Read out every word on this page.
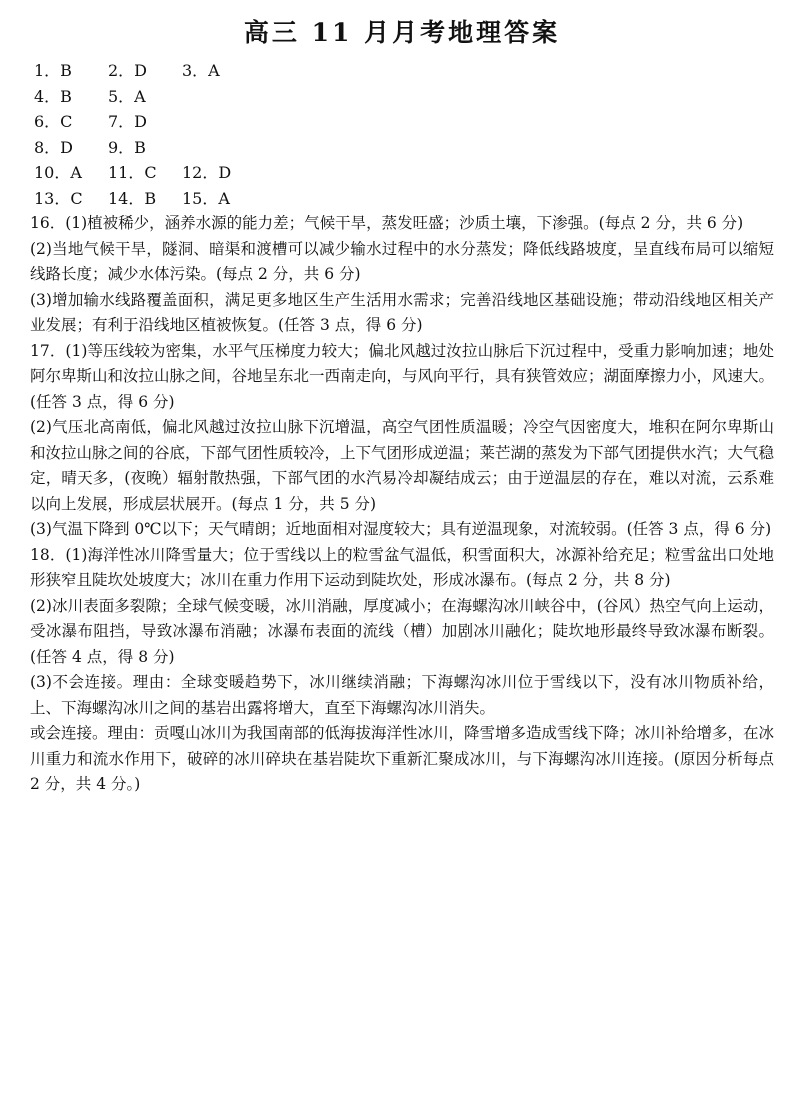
高三 11 月月考地理答案
1．B 2．D 3．A
4．B 5．A
6．C 7．D
8．D 9．B
10．A 11．C 12．D
13．C 14．B 15．A

16．(1)植被稀少，涵养水源的能力差；气候干旱，蒸发旺盛；沙质土壤，下渗强。(每点 2 分，共 6 分)

(2)当地气候干旱，隧洞、暗渠和渡槽可以减少输水过程中的水分蒸发；降低线路坡度，呈直线布局可以缩短线路长度；减少水体污染。(每点 2 分，共 6 分)

(3)增加输水线路覆盖面积，满足更多地区生产生活用水需求；完善沿线地区基础设施；带动沿线地区相关产业发展；有利于沿线地区植被恢复。(任答 3 点，得 6 分)

17．(1)等压线较为密集，水平气压梯度力较大；偏北风越过汝拉山脉后下沉过程中，受重力影响加速；地处阿尔卑斯山和汝拉山脉之间，谷地呈东北一西南走向，与风向平行，具有狭管效应；湖面摩擦力小，风速大。(任答 3 点，得 6 分)

(2)气压北高南低，偏北风越过汝拉山脉下沉增温，高空气团性质温暖；冷空气因密度大，堆积在阿尔卑斯山和汝拉山脉之间的谷底，下部气团性质较冷，上下气团形成逆温；莱芒湖的蒸发为下部气团提供水汽；大气稳定，晴天多，(夜晚）辐射散热强，下部气团的水汽易冷却凝结成云；由于逆温层的存在，难以对流，云系难以向上发展，形成层状展开。(每点 1 分，共 5 分)

(3)气温下降到 0℃以下；天气晴朗；近地面相对湿度较大；具有逆温现象，对流较弱。(任答 3 点，得 6 分)

18．(1)海洋性冰川降雪量大；位于雪线以上的粒雪盆气温低，积雪面积大，冰源补给充足；粒雪盆出口处地形狭窄且陡坎处坡度大；冰川在重力作用下运动到陡坎处，形成冰瀑布。(每点 2 分，共 8 分)

(2)冰川表面多裂隙；全球气候变暖，冰川消融，厚度减小；在海螺沟冰川峡谷中，(谷风）热空气向上运动，受冰瀑布阻挡，导致冰瀑布消融；冰瀑布表面的流线（槽）加剧冰川融化；陡坎地形最终导致冰瀑布断裂。(任答 4 点，得 8 分)

(3)不会连接。理由：全球变暖趋势下，冰川继续消融；下海螺沟冰川位于雪线以下，没有冰川物质补给，上、下海螺沟冰川之间的基岩出露将增大，直至下海螺沟冰川消失。

或会连接。理由：贡嘎山冰川为我国南部的低海拔海洋性冰川，降雪增多造成雪线下降；冰川补给增多，在冰川重力和流水作用下，破碎的冰川碎块在基岩陡坎下重新汇聚成冰川，与下海螺沟冰川连接。(原因分析每点 2 分，共 4 分。)
